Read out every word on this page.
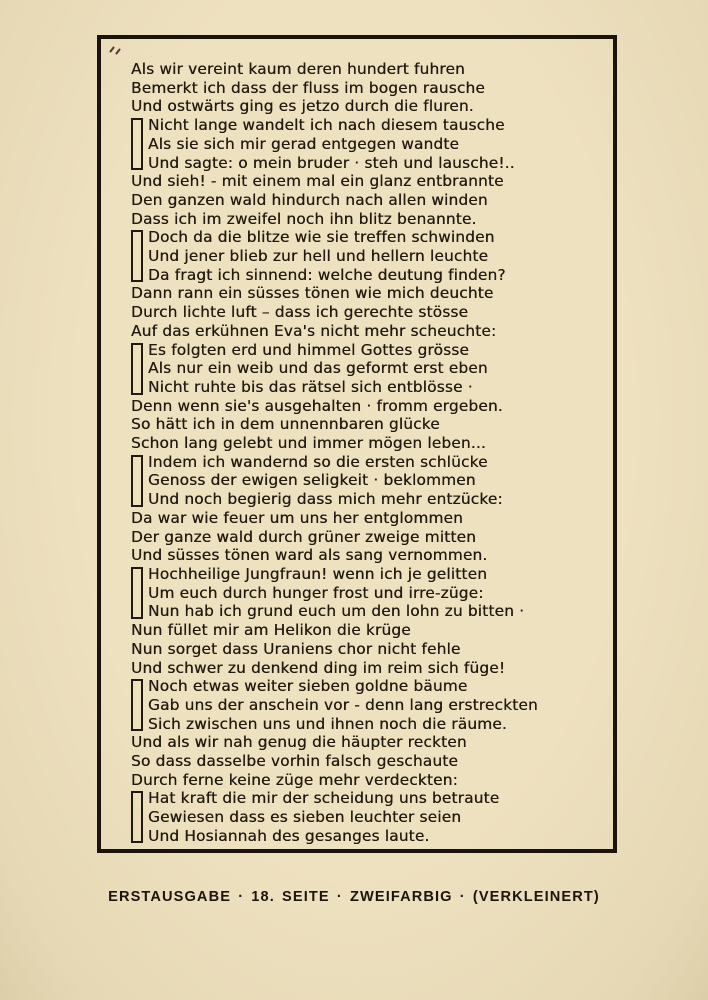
Als wir vereint kaum deren hundert fuhren
Bemerkt ich dass der fluss im bogen rausche
Und ostwärts ging es jetzo durch die fluren.
Nicht lange wandelt ich nach diesem tausche
Als sie sich mir gerad entgegen wandte
Und sagte: o mein bruder · steh und lausche!..
Und sieh! - mit einem mal ein glanz entbrannte
Den ganzen wald hindurch nach allen winden
Dass ich im zweifel noch ihn blitz benannte.
Doch da die blitze wie sie treffen schwinden
Und jener blieb zur hell und hellern leuchte
Da fragt ich sinnend: welche deutung finden?
Dann rann ein süsses tönen wie mich deuchte
Durch lichte luft – dass ich gerechte stösse
Auf das erkühnen Eva's nicht mehr scheuchte:
Es folgten erd und himmel Gottes grösse
Als nur ein weib und das geformt erst eben
Nicht ruhte bis das rätsel sich entblösse ·
Denn wenn sie's ausgehalten · fromm ergeben.
So hätt ich in dem unnennbaren glücke
Schon lang gelebt und immer mögen leben...
Indem ich wandernd so die ersten schlücke
Genoss der ewigen seligkeit · beklommen
Und noch begierig dass mich mehr entzücke:
Da war wie feuer um uns her entglommen
Der ganze wald durch grüner zweige mitten
Und süsses tönen ward als sang vernommen.
Hochheilige Jungfraun! wenn ich je gelitten
Um euch durch hunger frost und irre-züge:
Nun hab ich grund euch um den lohn zu bitten ·
Nun füllet mir am Helikon die krüge
Nun sorget dass Uraniens chor nicht fehle
Und schwer zu denkend ding im reim sich füge!
Noch etwas weiter sieben goldne bäume
Gab uns der anschein vor - denn lang erstreckten
Sich zwischen uns und ihnen noch die räume.
Und als wir nah genug die häupter reckten
So dass dasselbe vorhin falsch geschaute
Durch ferne keine züge mehr verdeckten:
Hat kraft die mir der scheidung uns betraute
Gewiesen dass es sieben leuchter seien
Und Hosiannah des gesanges laute.
ERSTAUSGABE · 18. SEITE · ZWEIFARBIG · (VERKLEINERT)
